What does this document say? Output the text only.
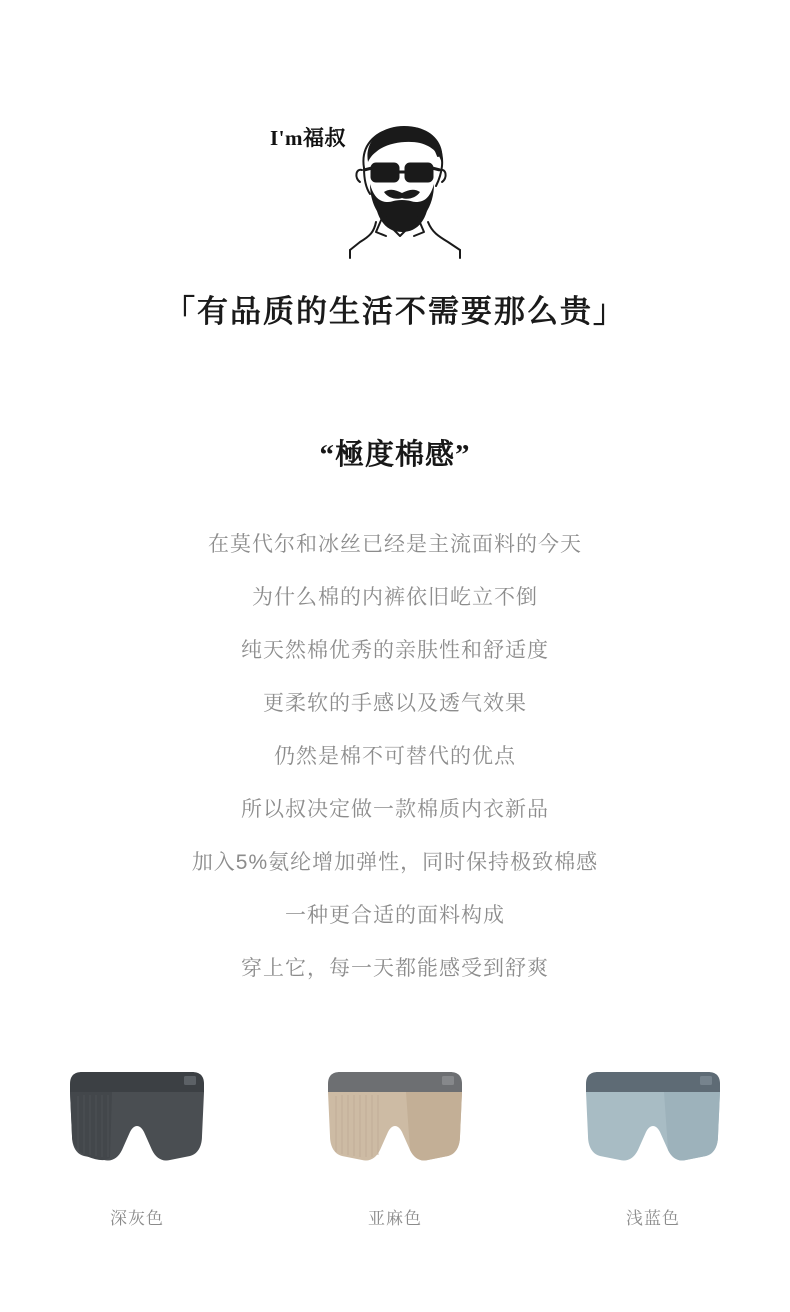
I'm福叔
「有品质的生活不需要那么贵」
“極度棉感”
在莫代尔和冰丝已经是主流面料的今天
为什么棉的内裤依旧屹立不倒
纯天然棉优秀的亲肤性和舒适度
更柔软的手感以及透气效果
仍然是棉不可替代的优点
所以叔决定做一款棉质内衣新品
加入5%氨纶增加弹性，同时保持极致棉感
一种更合适的面料构成
穿上它，每一天都能感受到舒爽
深灰色	亚麻色	浅蓝色
